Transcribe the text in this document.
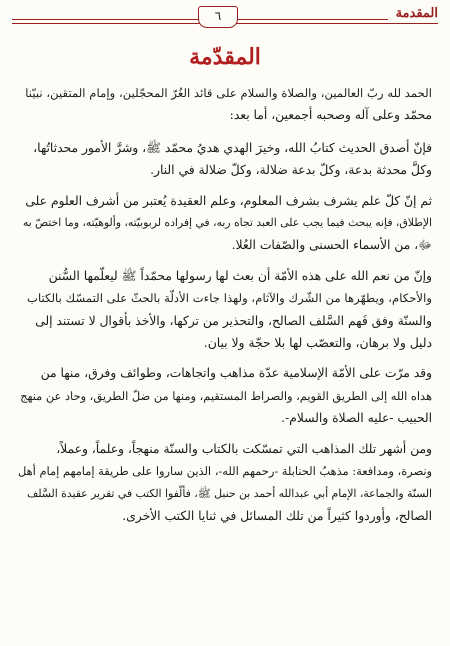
المقدمة
٦
المقدّمة

الحمد لله ربّ العالمين، والصلاة والسلام على قائد الغُرّ المحجّلين، وإمام المتقين، نبيّنا
محمّد وعلى آله وصحبه أجمعين، أما بعد:

فإنّ أصدق الحديث كتابُ الله، وخيرَ الهدي هديُ محمّد ﷺ، وشرَّ الأمور محدثاتُها،
وكلَّ محدثة بدعة، وكلّ بدعة ضلالة، وكلّ ضلالة في النار.

ثم إنّ كلّ علم يشرف بشرف المعلوم، وعلم العقيدة يُعتبر من أشرف العلوم على
الإطلاق، فإنه يبحث فيما يجب على العبد تجاه ربه، في إفراده لربوبيّته، وألوهيّته، وما اختصّ به
ﷻ، من الأسماء الحسنى والصّفات العُلا.

وإنّ من نعم الله على هذه الأمّة أن بعث لها رسولها محمّداً ﷺ ليعلّمها السُّنن
والأحكام، ويطهّرها من الشّرك والآثام، ولهذا جاءت الأدلّة بالحثّ على التمسّك بالكتاب
والسنّة وفق فَهم السَّلف الصالح، والتحذير من تركها، والأخذ بأقوال لا تستند إلى
دليل ولا برهان، والتعصّب لها بلا حجّة ولا بيان.

وقد مرّت على الأمّة الإسلامية عدّة مذاهب واتجاهات، وطوائف وفرق، منها من
هداه الله إلى الطريق القويم، والصراط المستقيم، ومنها من ضلّ الطريق، وحاد عن منهج
الحبيب -عليه الصلاة والسلام-.

ومن أشهر تلك المذاهب التي تمسّكت بالكتاب والسنّة منهجاً، وعلماً، وعملاً،
ونصرة، ومدافعة: مذهبُ الحنابلة -رحمهم الله-، الذين ساروا على طريقة إمامهم إمام أهل
السنّة والجماعة، الإمام أبي عبدالله أحمد بن حنبل ﷺ، فألّفوا الكتب في تقرير عقيدة السَّلف
الصالح، وأوردوا كثيراً من تلك المسائل في ثنايا الكتب الأخرى.
